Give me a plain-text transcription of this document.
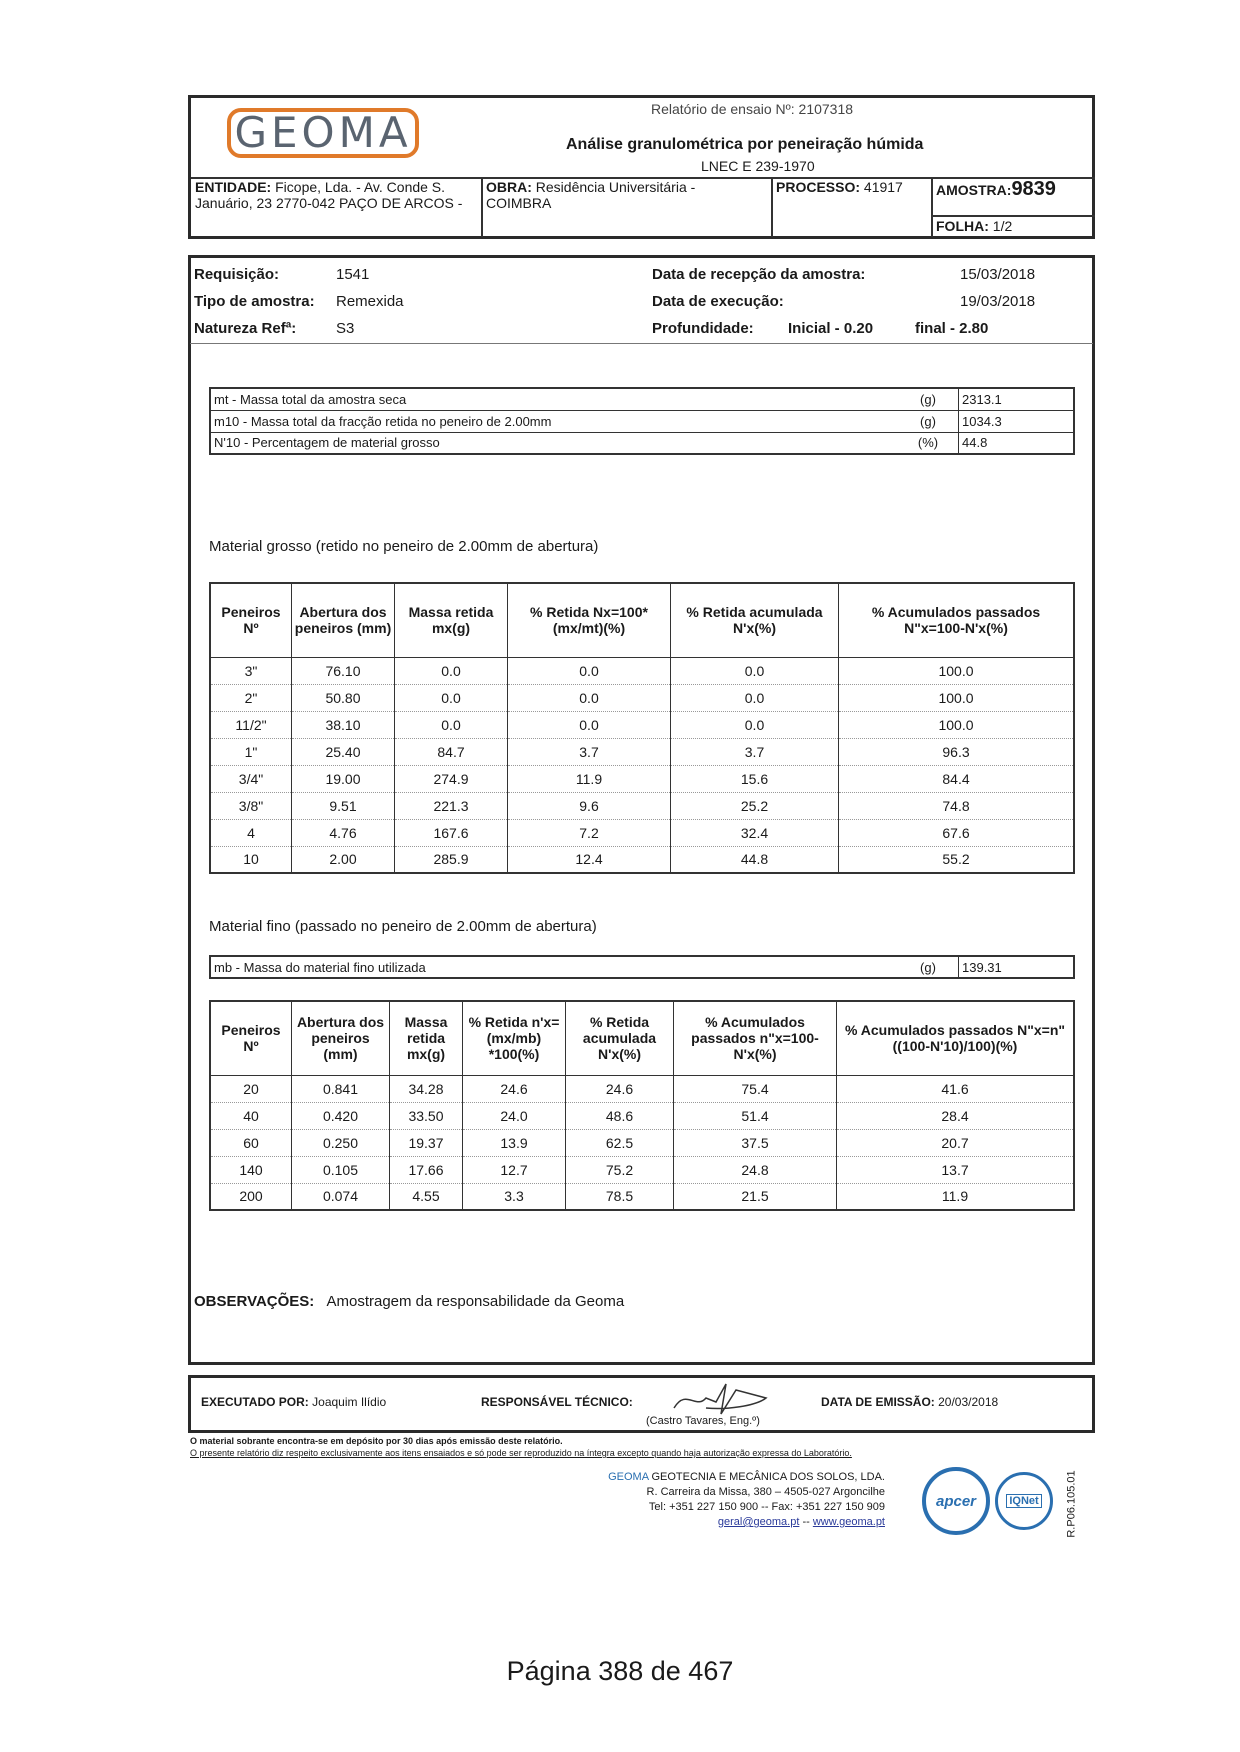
GEOMA	Relatório de ensaio Nº: 2107318
Análise granulométrica por peneiração húmida
LNEC E 239-1970
ENTIDADE: Ficope, Lda. - Av. Conde S. Januário, 23 2770-042 PAÇO DE ARCOS -
OBRA: Residência Universitária - COIMBRA
PROCESSO: 41917 AMOSTRA:9839
FOLHA: 1/2
Requisição:	1541
Tipo de amostra: Remexida
Natureza Refª:	S3
Data de recepção da amostra:	15/03/2018
Data de execução:	19/03/2018
Profundidade: Inicial - 0.20	final - 2.80
mt - Massa total da amostra seca	(g)	2313.1
m10 - Massa total da fracção retida no peneiro de 2.00mm	(g)	1034.3
N'10 - Percentagem de material grosso	(%)	44.8
Material grosso (retido no peneiro de 2.00mm de abertura)
Peneiros Nº	Abertura dos peneiros (mm)	Massa retida mx(g)	% Retida Nx=100*(mx/mt)(%)	% Retida acumulada N'x(%)	% Acumulados passados N"x=100-N'x(%)
3"	76.10	0.0	0.0	0.0	100.0
2"	50.80	0.0	0.0	0.0	100.0
11/2"	38.10	0.0	0.0	0.0	100.0
1"	25.40	84.7	3.7	3.7	96.3
3/4"	19.00	274.9	11.9	15.6	84.4
3/8"	9.51	221.3	9.6	25.2	74.8
4	4.76	167.6	7.2	32.4	67.6
10	2.00	285.9	12.4	44.8	55.2
Material fino (passado no peneiro de 2.00mm de abertura)
mb - Massa do material fino utilizada	(g)	139.31
Peneiros Nº	Abertura dos peneiros (mm)	Massa retida mx(g)	% Retida n'x=(mx/mb) *100(%)	% Retida acumulada N'x(%)	% Acumulados passados n"x=100-N'x(%)	% Acumulados passados N"x=n"((100-N'10)/100)(%)
20	0.841	34.28	24.6	24.6	75.4	41.6
40	0.420	33.50	24.0	48.6	51.4	28.4
60	0.250	19.37	13.9	62.5	37.5	20.7
140	0.105	17.66	12.7	75.2	24.8	13.7
200	0.074	4.55	3.3	78.5	21.5	11.9
OBSERVAÇÕES: Amostragem da responsabilidade da Geoma
EXECUTADO POR: Joaquim Ilídio	RESPONSÁVEL TÉCNICO:
(Castro Tavares, Eng.º)
DATA DE EMISSÃO: 20/03/2018
O material sobrante encontra-se em depósito por 30 dias após emissão deste relatório.
O presente relatório diz respeito exclusivamente aos itens ensaiados e só pode ser reproduzido na íntegra excepto quando haja autorização expressa do Laboratório.
GEOMA GEOTECNIA E MECÂNICA DOS SOLOS, LDA.
R. Carreira da Missa, 380 – 4505-027 Argoncilhe
Tel: +351 227 150 900 -- Fax: +351 227 150 909
geral@geoma.pt -- www.geoma.pt
apcer	IQNet R.P06.105.01
Página 388 de 467
